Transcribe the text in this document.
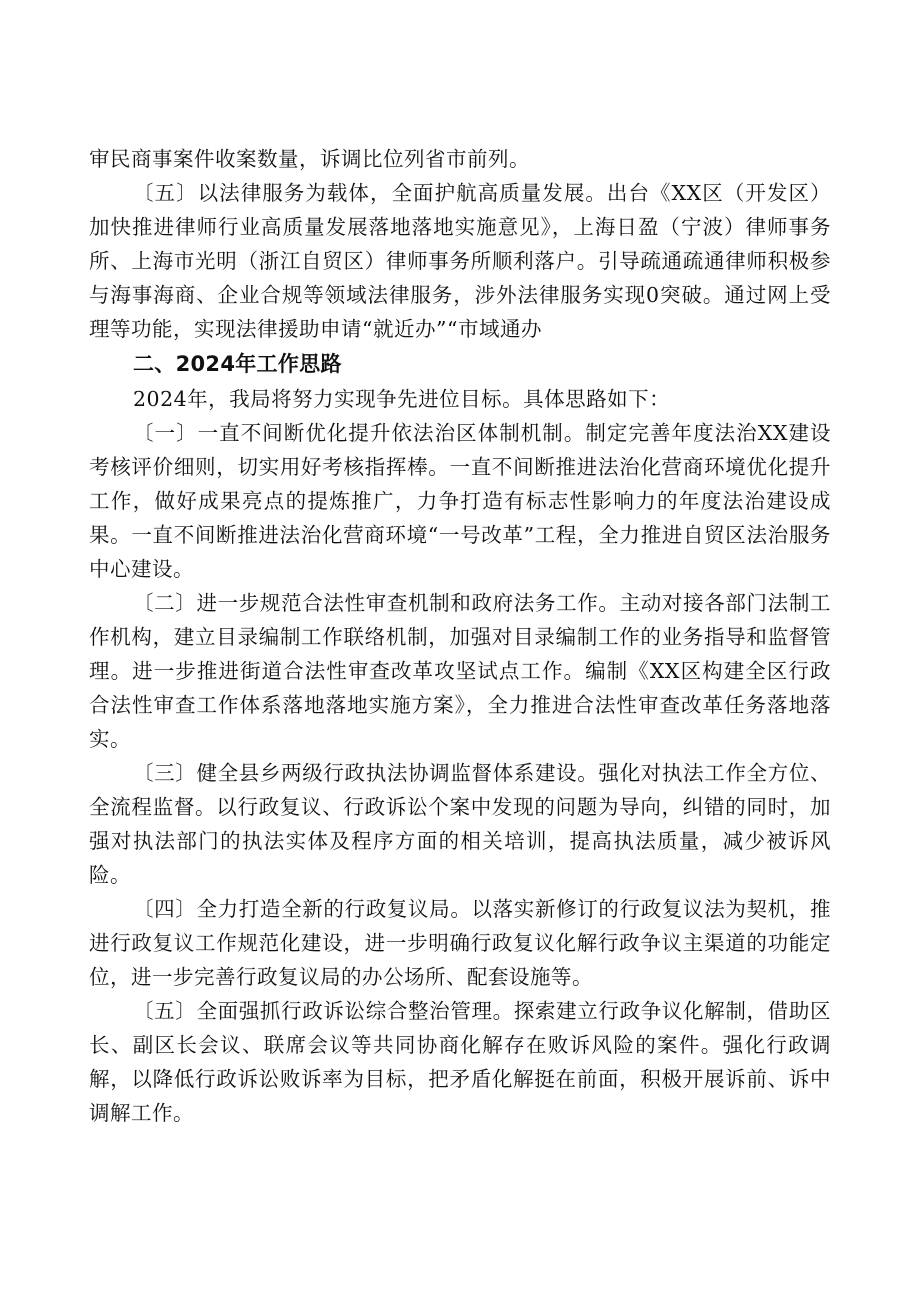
审民商事案件收案数量，诉调比位列省市前列。

〔五〕以法律服务为载体，全面护航高质量发展。出台《XX区（开发区）加快推进律师行业高质量发展落地落地实施意见》，上海日盈（宁波）律师事务所、上海市光明（浙江自贸区）律师事务所顺利落户。引导疏通疏通律师积极参与海事海商、企业合规等领域法律服务，涉外法律服务实现0突破。通过网上受理等功能，实现法律援助申请“就近办”“市域通办

二、2024年工作思路

2024年，我局将努力实现争先进位目标。具体思路如下：

〔一〕一直不间断优化提升依法治区体制机制。制定完善年度法治XX建设考核评价细则，切实用好考核指挥棒。一直不间断推进法治化营商环境优化提升工作，做好成果亮点的提炼推广，力争打造有标志性影响力的年度法治建设成果。一直不间断推进法治化营商环境“一号改革”工程，全力推进自贸区法治服务中心建设。

〔二〕进一步规范合法性审查机制和政府法务工作。主动对接各部门法制工作机构，建立目录编制工作联络机制，加强对目录编制工作的业务指导和监督管理。进一步推进街道合法性审查改革攻坚试点工作。编制《XX区构建全区行政合法性审查工作体系落地落地实施方案》，全力推进合法性审查改革任务落地落实。

〔三〕健全县乡两级行政执法协调监督体系建设。强化对执法工作全方位、全流程监督。以行政复议、行政诉讼个案中发现的问题为导向，纠错的同时，加强对执法部门的执法实体及程序方面的相关培训，提高执法质量，减少被诉风险。

〔四〕全力打造全新的行政复议局。以落实新修订的行政复议法为契机，推进行政复议工作规范化建设，进一步明确行政复议化解行政争议主渠道的功能定位，进一步完善行政复议局的办公场所、配套设施等。

〔五〕全面强抓行政诉讼综合整治管理。探索建立行政争议化解制，借助区长、副区长会议、联席会议等共同协商化解存在败诉风险的案件。强化行政调解，以降低行政诉讼败诉率为目标，把矛盾化解挺在前面，积极开展诉前、诉中调解工作。
